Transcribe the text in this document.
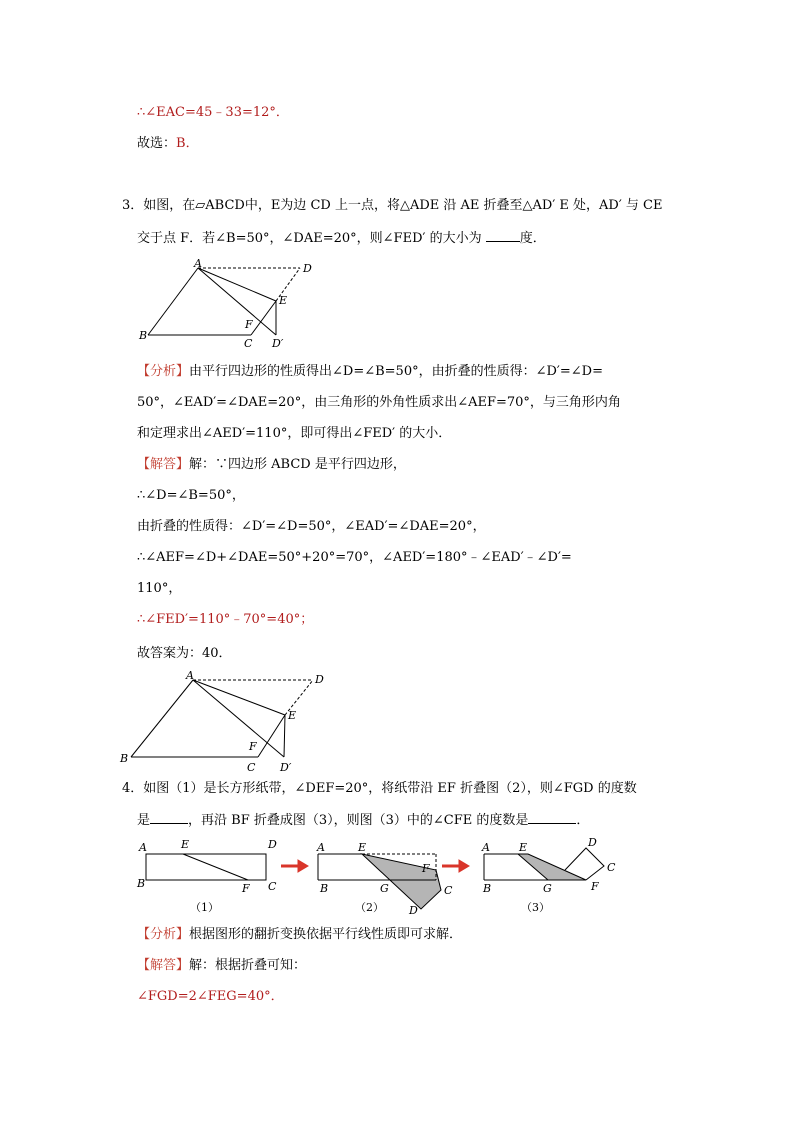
∴∠EAC=45﹣33=12°．
故选：B．
3．如图，在▱ABCD中，E为边 CD 上一点，将△ADE 沿 AE 折叠至△AD′ E 处，AD′ 与 CE
交于点 F．若∠B=50°，∠DAE=20°，则∠FED′ 的大小为	度．
A	D
E
B
F
C D′
【分析】由平行四边形的性质得出∠D=∠B=50°，由折叠的性质得：∠D′=∠D=
50°，∠EAD′=∠DAE=20°，由三角形的外角性质求出∠AEF=70°，与三角形内角
和定理求出∠AED′=110°，即可得出∠FED′ 的大小．
【解答】解：∵四边形 ABCD 是平行四边形，
∴∠D=∠B=50°，
由折叠的性质得：∠D′=∠D=50°，∠EAD′=∠DAE=20°，
∴∠AEF=∠D+∠DAE=50°+20°=70°，∠AED′=180°﹣∠EAD′﹣∠D′=
110°，
∴∠FED′=110°﹣70°=40°；
故答案为：40．
A	D
E
B
F
C D′
4．如图（1）是长方形纸带，∠DEF=20°，将纸带沿 EF 折叠图（2），则∠FGD 的度数
是	，再沿 BF 折叠成图（3），则图（3）中的∠CFE 的度数是	．
A	E	D
B	F C
（1）
A	E
F
B	G	C
D
（2）
A	E	D
C
B	G	F
（3）
【分析】根据图形的翻折变换依据平行线性质即可求解．
【解答】解：根据折叠可知：
∠FGD=2∠FEG=40°．
